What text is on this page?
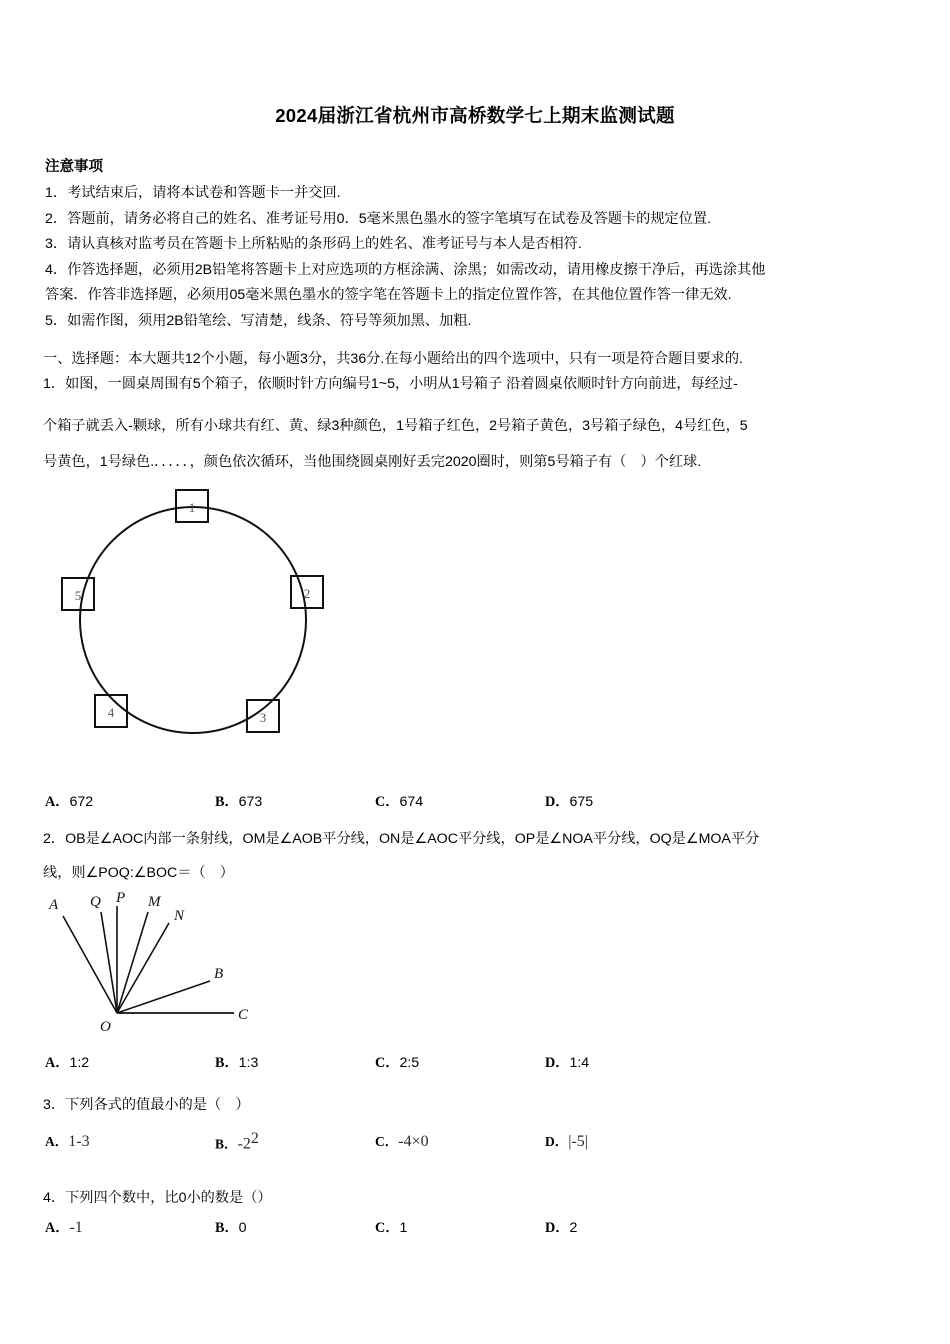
2024届浙江省杭州市高桥数学七上期末监测试题
注意事项
1．考试结束后，请将本试卷和答题卡一并交回.
2．答题前，请务必将自己的姓名、准考证号用0．5毫米黑色墨水的签字笔填写在试卷及答题卡的规定位置.
3．请认真核对监考员在答题卡上所粘贴的条形码上的姓名、准考证号与本人是否相符.
4．作答选择题，必须用2B铅笔将答题卡上对应选项的方框涂满、涂黑；如需改动，请用橡皮擦干净后，再选涂其他
答案．作答非选择题，必须用05毫米黑色墨水的签字笔在答题卡上的指定位置作答，在其他位置作答一律无效.
5．如需作图，须用2B铅笔绘、写清楚，线条、符号等须加黑、加粗.
一、选择题：本大题共12个小题，每小题3分，共36分.在每小题给出的四个选项中，只有一项是符合题目要求的.
1．如图，一圆桌周围有5个箱子，依顺时针方向编号1~5，小明从1号箱子 沿着圆桌依顺时针方向前进，每经过-
个箱子就丢入-颗球，所有小球共有红、黄、绿3种颜色，1号箱子红色，2号箱子黄色，3号箱子绿色，4号红色，5
号黄色，1号绿色.．．．．．，颜色依次循环，当他围绕圆桌刚好丢完2020圈时，则第5号箱子有（　）个红球.
1
2
3
4
5
A．672	B．673	C．674	D．675
2．OB是∠AOC内部一条射线，OM是∠AOB平分线，ON是∠AOC平分线，OP是∠NOA平分线，OQ是∠MOA平分
线，则∠POQ:∠BOC＝（　）
A Q P M
N
B
C
O
A．1:2	B．1:3	C．2:5	D．1:4
3．下列各式的值最小的是（　）
A．1-3	B．$-2^2$	C．-4×0	D．|-5|
4．下列四个数中，比0小的数是（）
A．-1	B．0	C．1	D．2
